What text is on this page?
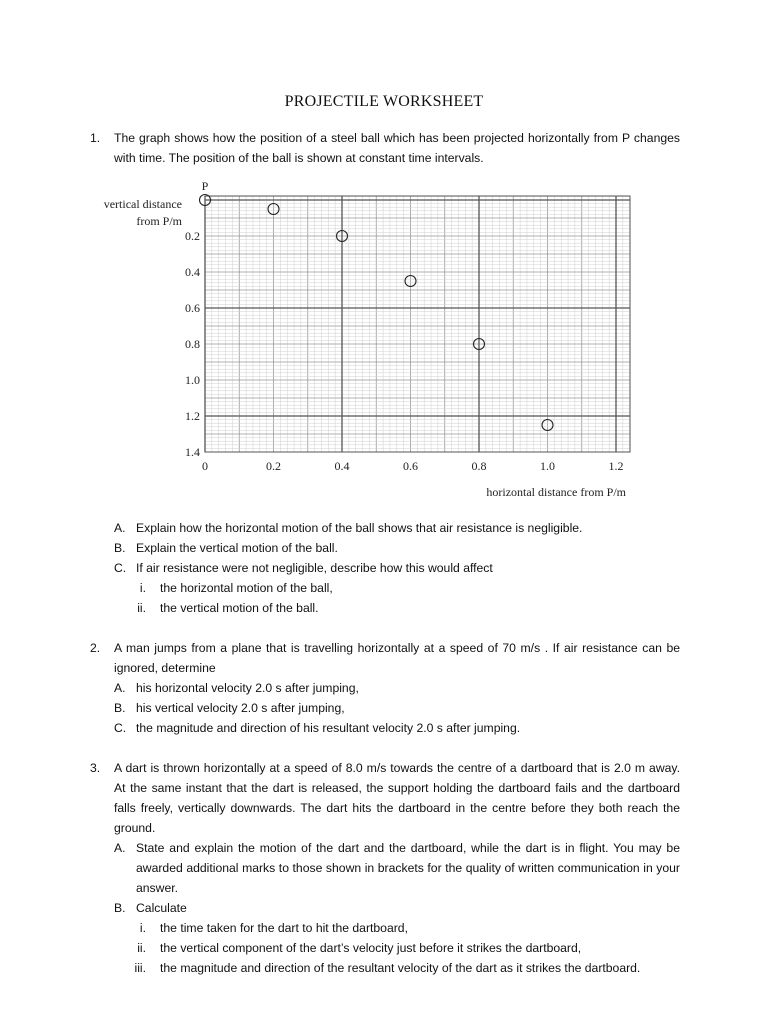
PROJECTILE WORKSHEET
1.	The graph shows how the position of a steel ball which has been projected horizontally from P changes with time. The position of the ball is shown at constant time intervals.
0	0.2	0.4	0.6	0.8	1.0	1.2
0.2
0.4
0.6
0.8
1.0
1.2
1.4
P
vertical distance
from P/m
horizontal distance from P/m
A. Explain how the horizontal motion of the ball shows that air resistance is negligible.
B. Explain the vertical motion of the ball.
C. If air resistance were not negligible, describe how this would affect
i. the horizontal motion of the ball,
ii. the vertical motion of the ball.
2.	A man jumps from a plane that is travelling horizontally at a speed of 70 m/s . If air resistance can be ignored, determine
A. his horizontal velocity 2.0 s after jumping,
B. his vertical velocity 2.0 s after jumping,
C. the magnitude and direction of his resultant velocity 2.0 s after jumping.
3.	A dart is thrown horizontally at a speed of 8.0 m/s towards the centre of a dartboard that is 2.0 m away. At the same instant that the dart is released, the support holding the dartboard fails and the dartboard falls freely, vertically downwards. The dart hits the dartboard in the centre before they both reach the ground.
A. State and explain the motion of the dart and the dartboard, while the dart is in flight. You may be awarded additional marks to those shown in brackets for the quality of written communication in your answer.
B. Calculate
i. the time taken for the dart to hit the dartboard,
ii. the vertical component of the dart’s velocity just before it strikes the dartboard,
iii. the magnitude and direction of the resultant velocity of the dart as it strikes the dartboard.
